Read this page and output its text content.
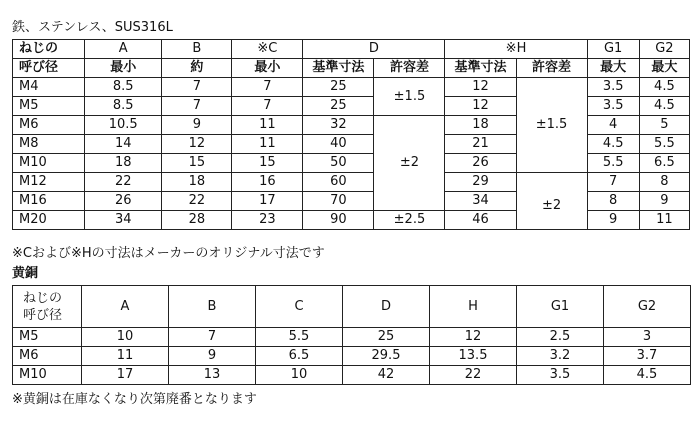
鉄、ステンレス、SUS316L
ねじの	A	B	※C	D		※H		G1	G2
呼び径	最小	約	最小	基準寸法	許容差	基準寸法	許容差	最大	最大
M4	8.5	7	7	25	±1.5	12	±1.5	3.5	4.5
M5	8.5	7	7	25		12		3.5	4.5
M6	10.5	9	11	32	±2	18		4	5
M8	14	12	11	40		21		4.5	5.5
M10	18	15	15	50		26		5.5	6.5
M12	22	18	16	60		29	±2	7	8
M16	26	22	17	70		34		8	9
M20	34	28	23	90	±2.5	46		9	11
※Cおよび※Hの寸法はメーカーのオリジナル寸法です
黄銅
ねじの
呼び径	A	B	C	D	H	G1	G2
M5	10	7	5.5	25	12	2.5	3
M6	11	9	6.5	29.5	13.5	3.2	3.7
M10	17	13	10	42	22	3.5	4.5
※黄銅は在庫なくなり次第廃番となります
